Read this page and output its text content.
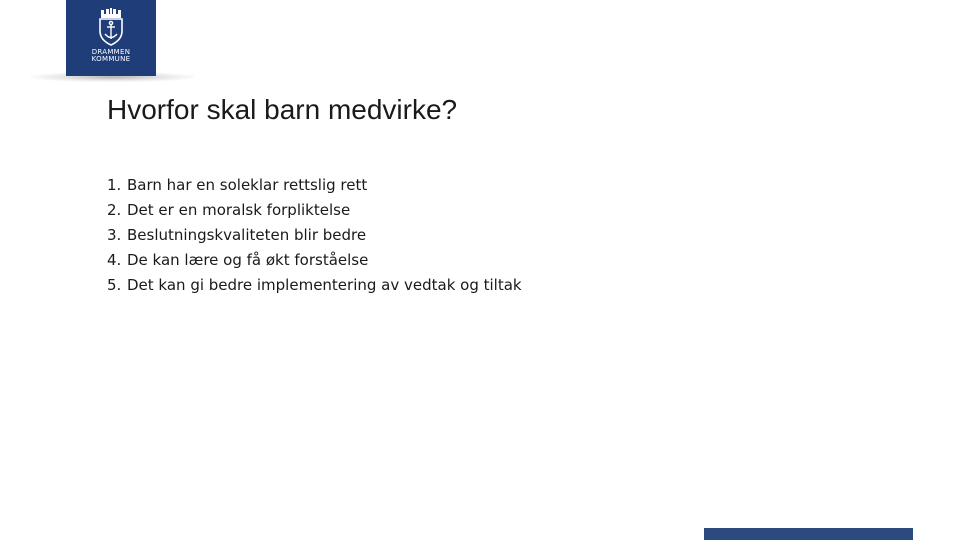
DRAMMEN
KOMMUNE
Hvorfor skal barn medvirke?
1. Barn har en soleklar rettslig rett
2. Det er en moralsk forpliktelse
3. Beslutningskvaliteten blir bedre
4. De kan lære og få økt forståelse
5. Det kan gi bedre implementering av vedtak og tiltak
